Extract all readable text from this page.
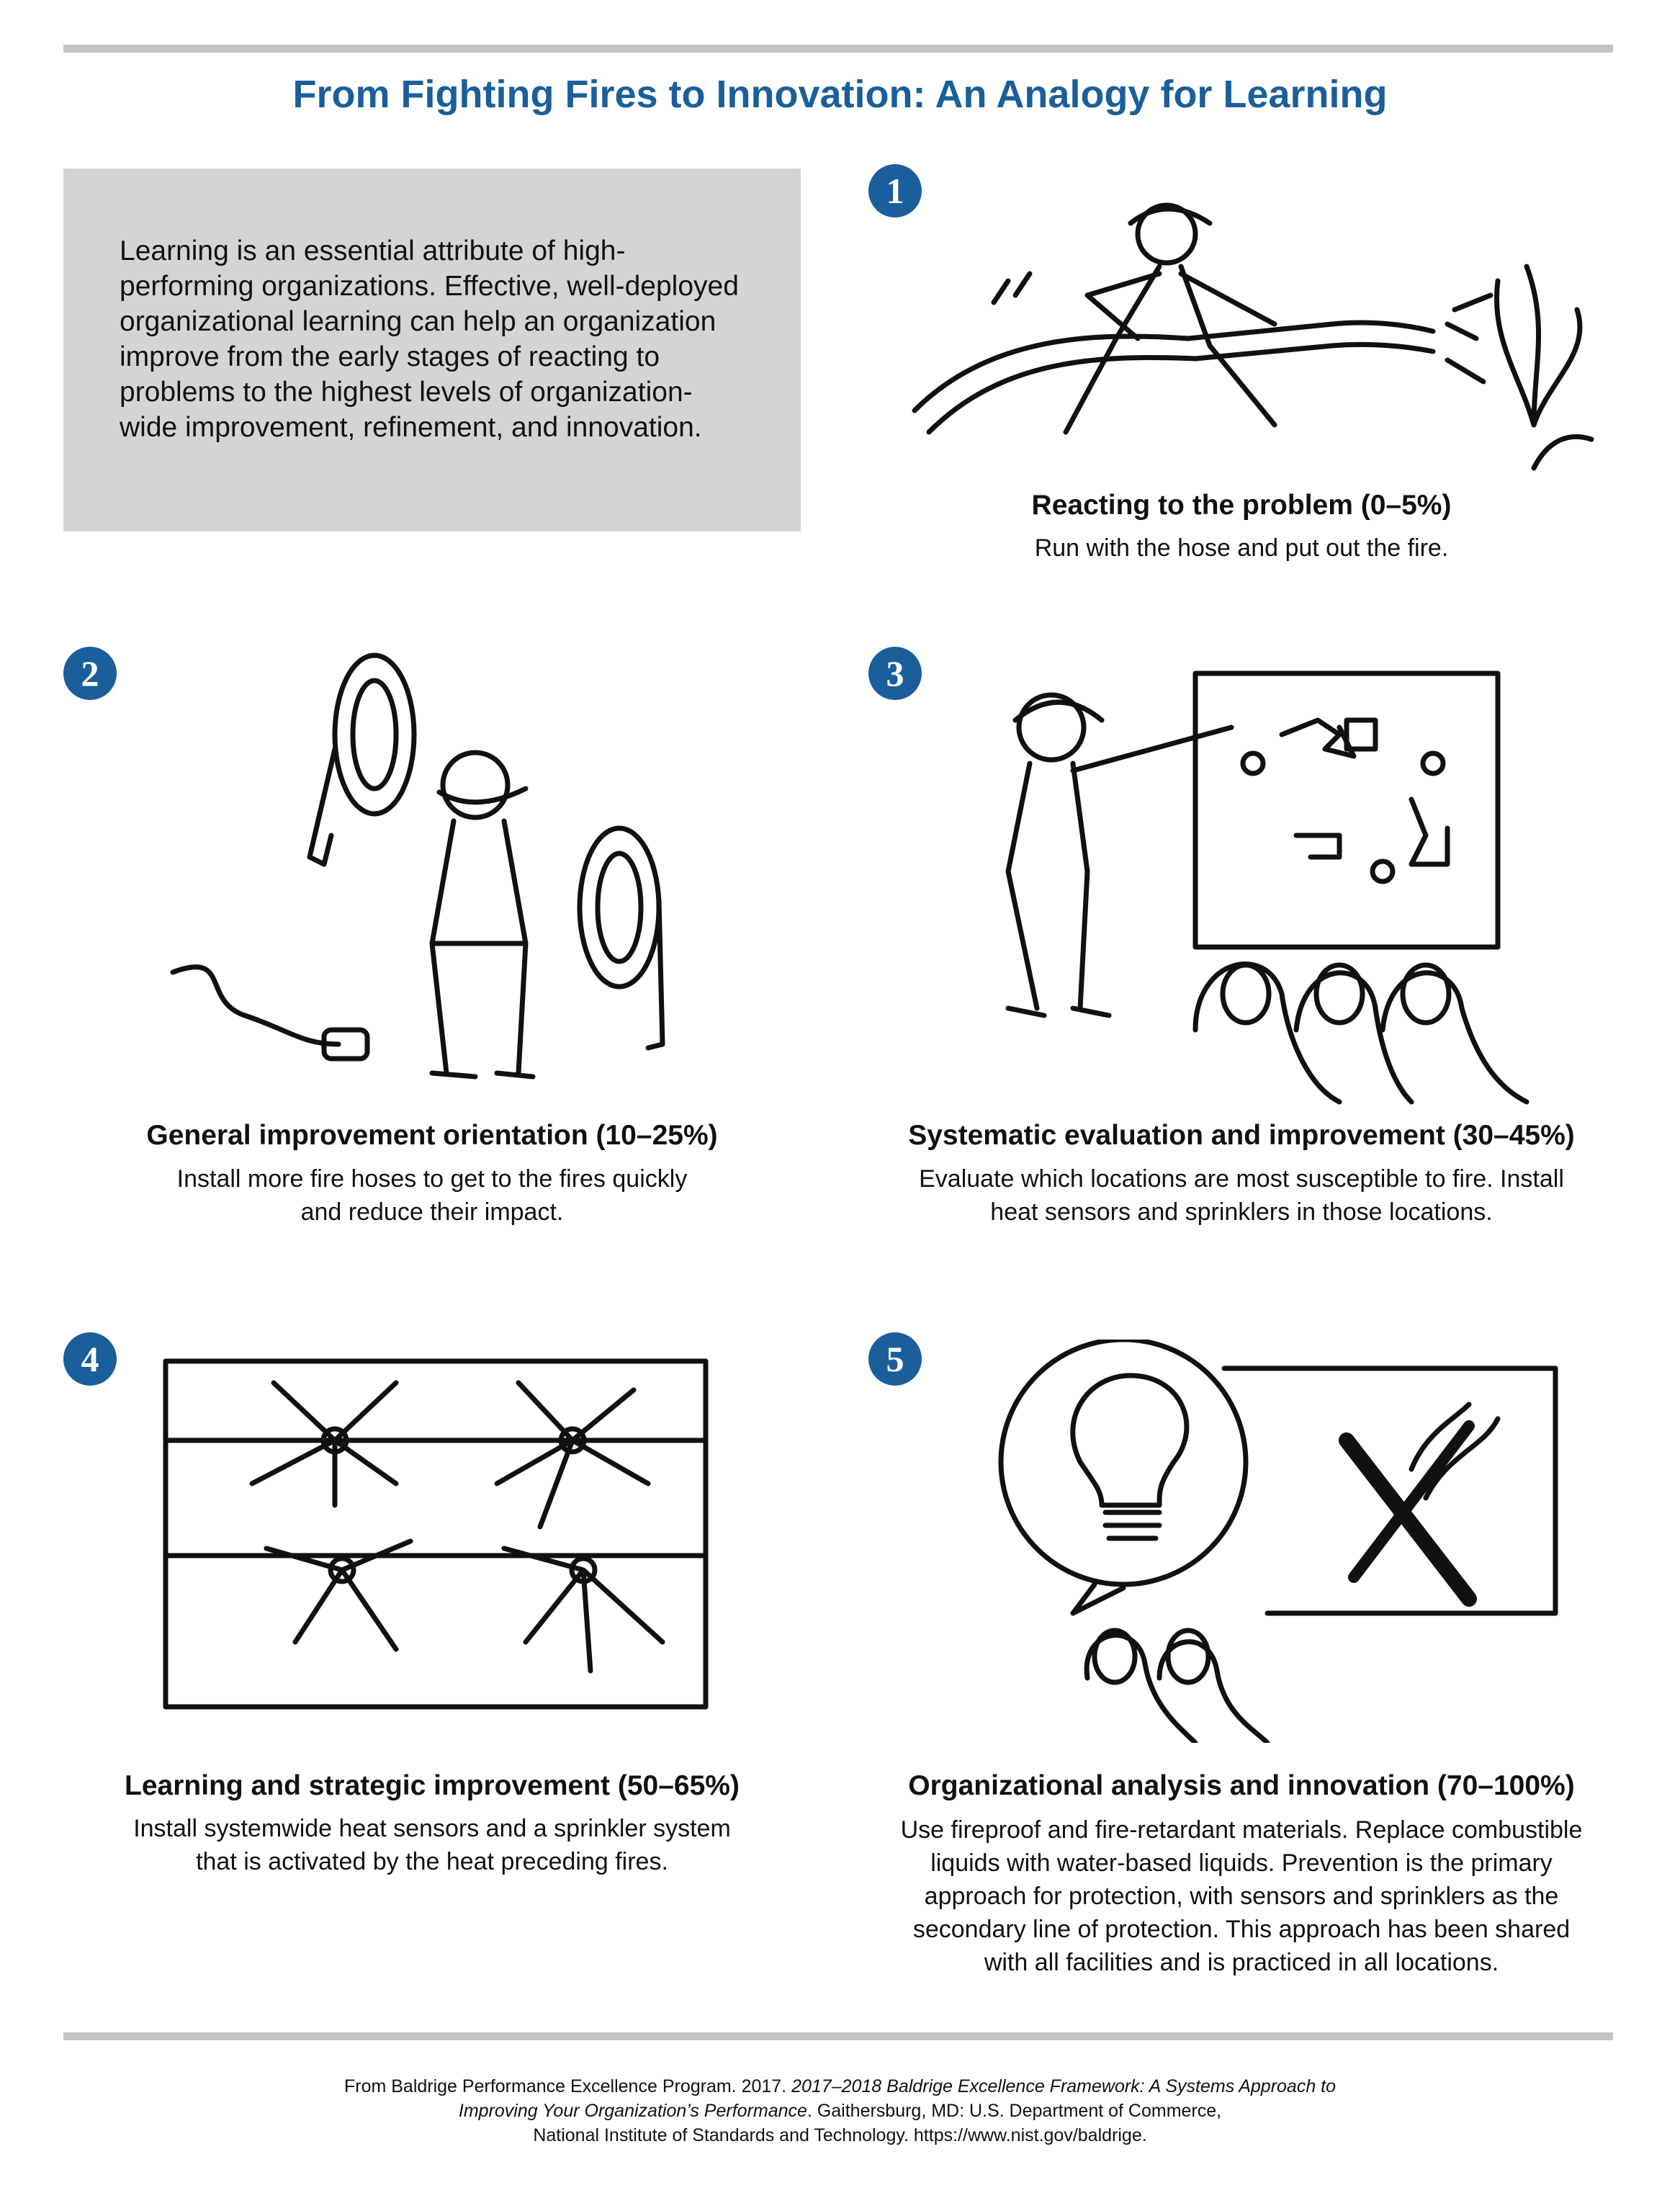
From Fighting Fires to Innovation: An Analogy for Learning

Learning is an essential attribute of high-

performing organizations. Effective, well-deployed

organizational learning can help an organization

improve from the early stages of reacting to

problems to the highest levels of organization-

wide improvement, refinement, and innovation.

1
Reacting to the problem (0–5%)
Run with the hose and put out the fire.
2
General improvement orientation (10–25%)
Install more fire hoses to get to the fires quickly
and reduce their impact.
3
Systematic evaluation and improvement (30–45%)
Evaluate which locations are most susceptible to fire. Install
heat sensors and sprinklers in those locations.
4
Learning and strategic improvement (50–65%)
Install systemwide heat sensors and a sprinkler system
that is activated by the heat preceding fires.
5
Organizational analysis and innovation (70–100%)
Use fireproof and fire-retardant materials. Replace combustible
liquids with water-based liquids. Prevention is the primary
approach for protection, with sensors and sprinklers as the
secondary line of protection. This approach has been shared
with all facilities and is practiced in all locations.
From Baldrige Performance Excellence Program. 2017. 2017–2018 Baldrige Excellence Framework: A Systems Approach to
Improving Your Organization’s Performance. Gaithersburg, MD: U.S. Department of Commerce,
National Institute of Standards and Technology. https://www.nist.gov/baldrige.
